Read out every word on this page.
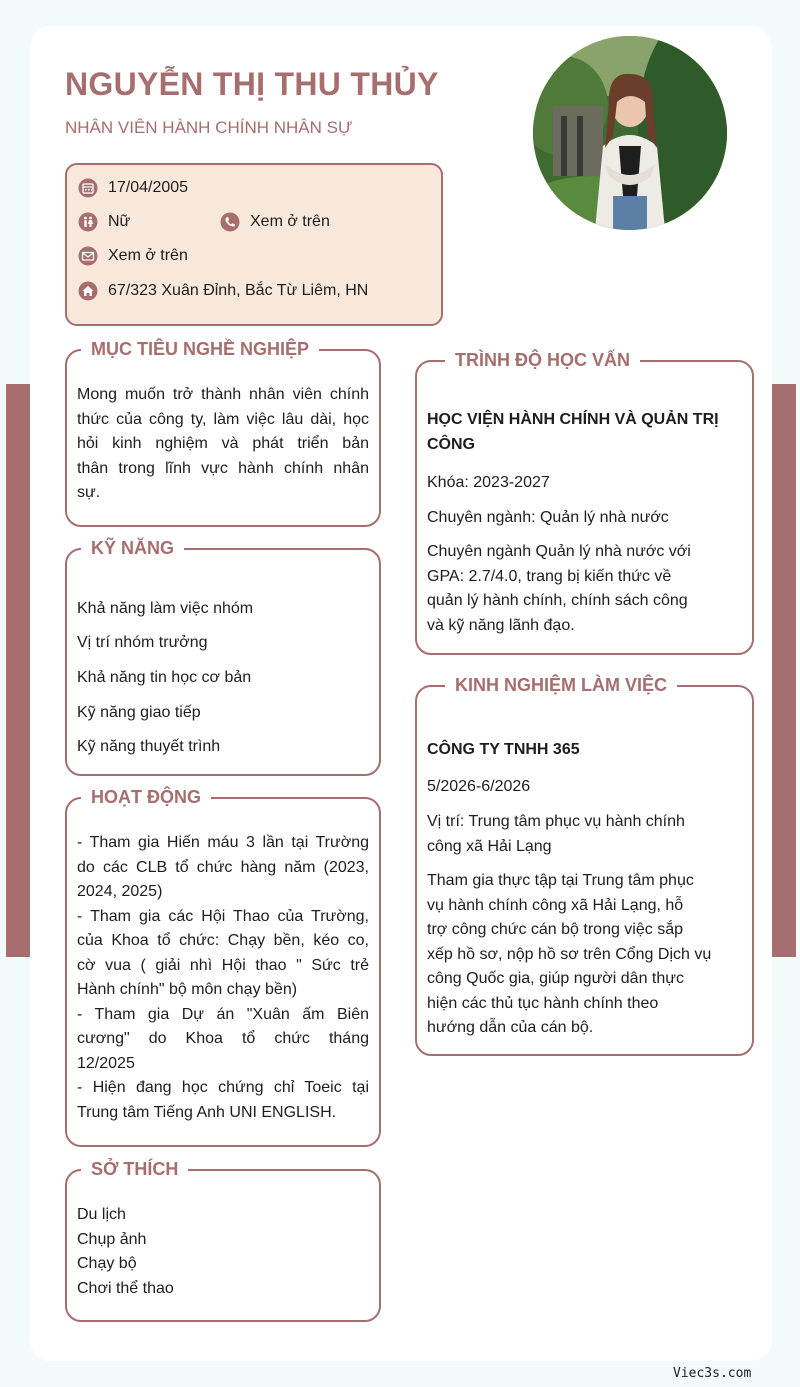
NGUYỄN THỊ THU THỦY
NHÂN VIÊN HÀNH CHÍNH NHÂN SỰ
17/04/2005
Nữ	Xem ở trên
Xem ở trên
67/323 Xuân Đỉnh, Bắc Từ Liêm, HN
MỤC TIÊU NGHỀ NGHIỆP
Mong muốn trở thành nhân viên chính
thức của công ty, làm việc lâu dài, học
hỏi kinh nghiệm và phát triển bản
thân trong lĩnh vực hành chính nhân
sự.
KỸ NĂNG
Khả năng làm việc nhóm
Vị trí nhóm trưởng
Khả năng tin học cơ bản
Kỹ năng giao tiếp
Kỹ năng thuyết trình
HOẠT ĐỘNG
- Tham gia Hiến máu 3 lần tại Trường
do các CLB tổ chức hàng năm (2023,
2024, 2025)
- Tham gia các Hội Thao của Trường,
của Khoa tổ chức: Chạy bền, kéo co,
cờ vua ( giải nhì Hội thao " Sức trẻ
Hành chính" bộ môn chạy bền)
- Tham gia Dự án "Xuân ấm Biên
cương" do Khoa tổ chức tháng
12/2025
- Hiện đang học chứng chỉ Toeic tại
Trung tâm Tiếng Anh UNI ENGLISH.
SỞ THÍCH
Du lịch
Chụp ảnh
Chạy bộ
Chơi thể thao
TRÌNH ĐỘ HỌC VẤN
HỌC VIỆN HÀNH CHÍNH VÀ QUẢN TRỊ
CÔNG
Khóa: 2023-2027
Chuyên ngành: Quản lý nhà nước
Chuyên ngành Quản lý nhà nước với
GPA: 2.7/4.0, trang bị kiến thức về
quản lý hành chính, chính sách công
và kỹ năng lãnh đạo.
KINH NGHIỆM LÀM VIỆC
CÔNG TY TNHH 365
5/2026-6/2026
Vị trí: Trung tâm phục vụ hành chính
công xã Hải Lạng
Tham gia thực tập tại Trung tâm phục
vụ hành chính công xã Hải Lạng, hỗ
trợ công chức cán bộ trong việc sắp
xếp hồ sơ, nộp hồ sơ trên Cổng Dịch vụ
công Quốc gia, giúp người dân thực
hiện các thủ tục hành chính theo
hướng dẫn của cán bộ.
Viec3s.com
